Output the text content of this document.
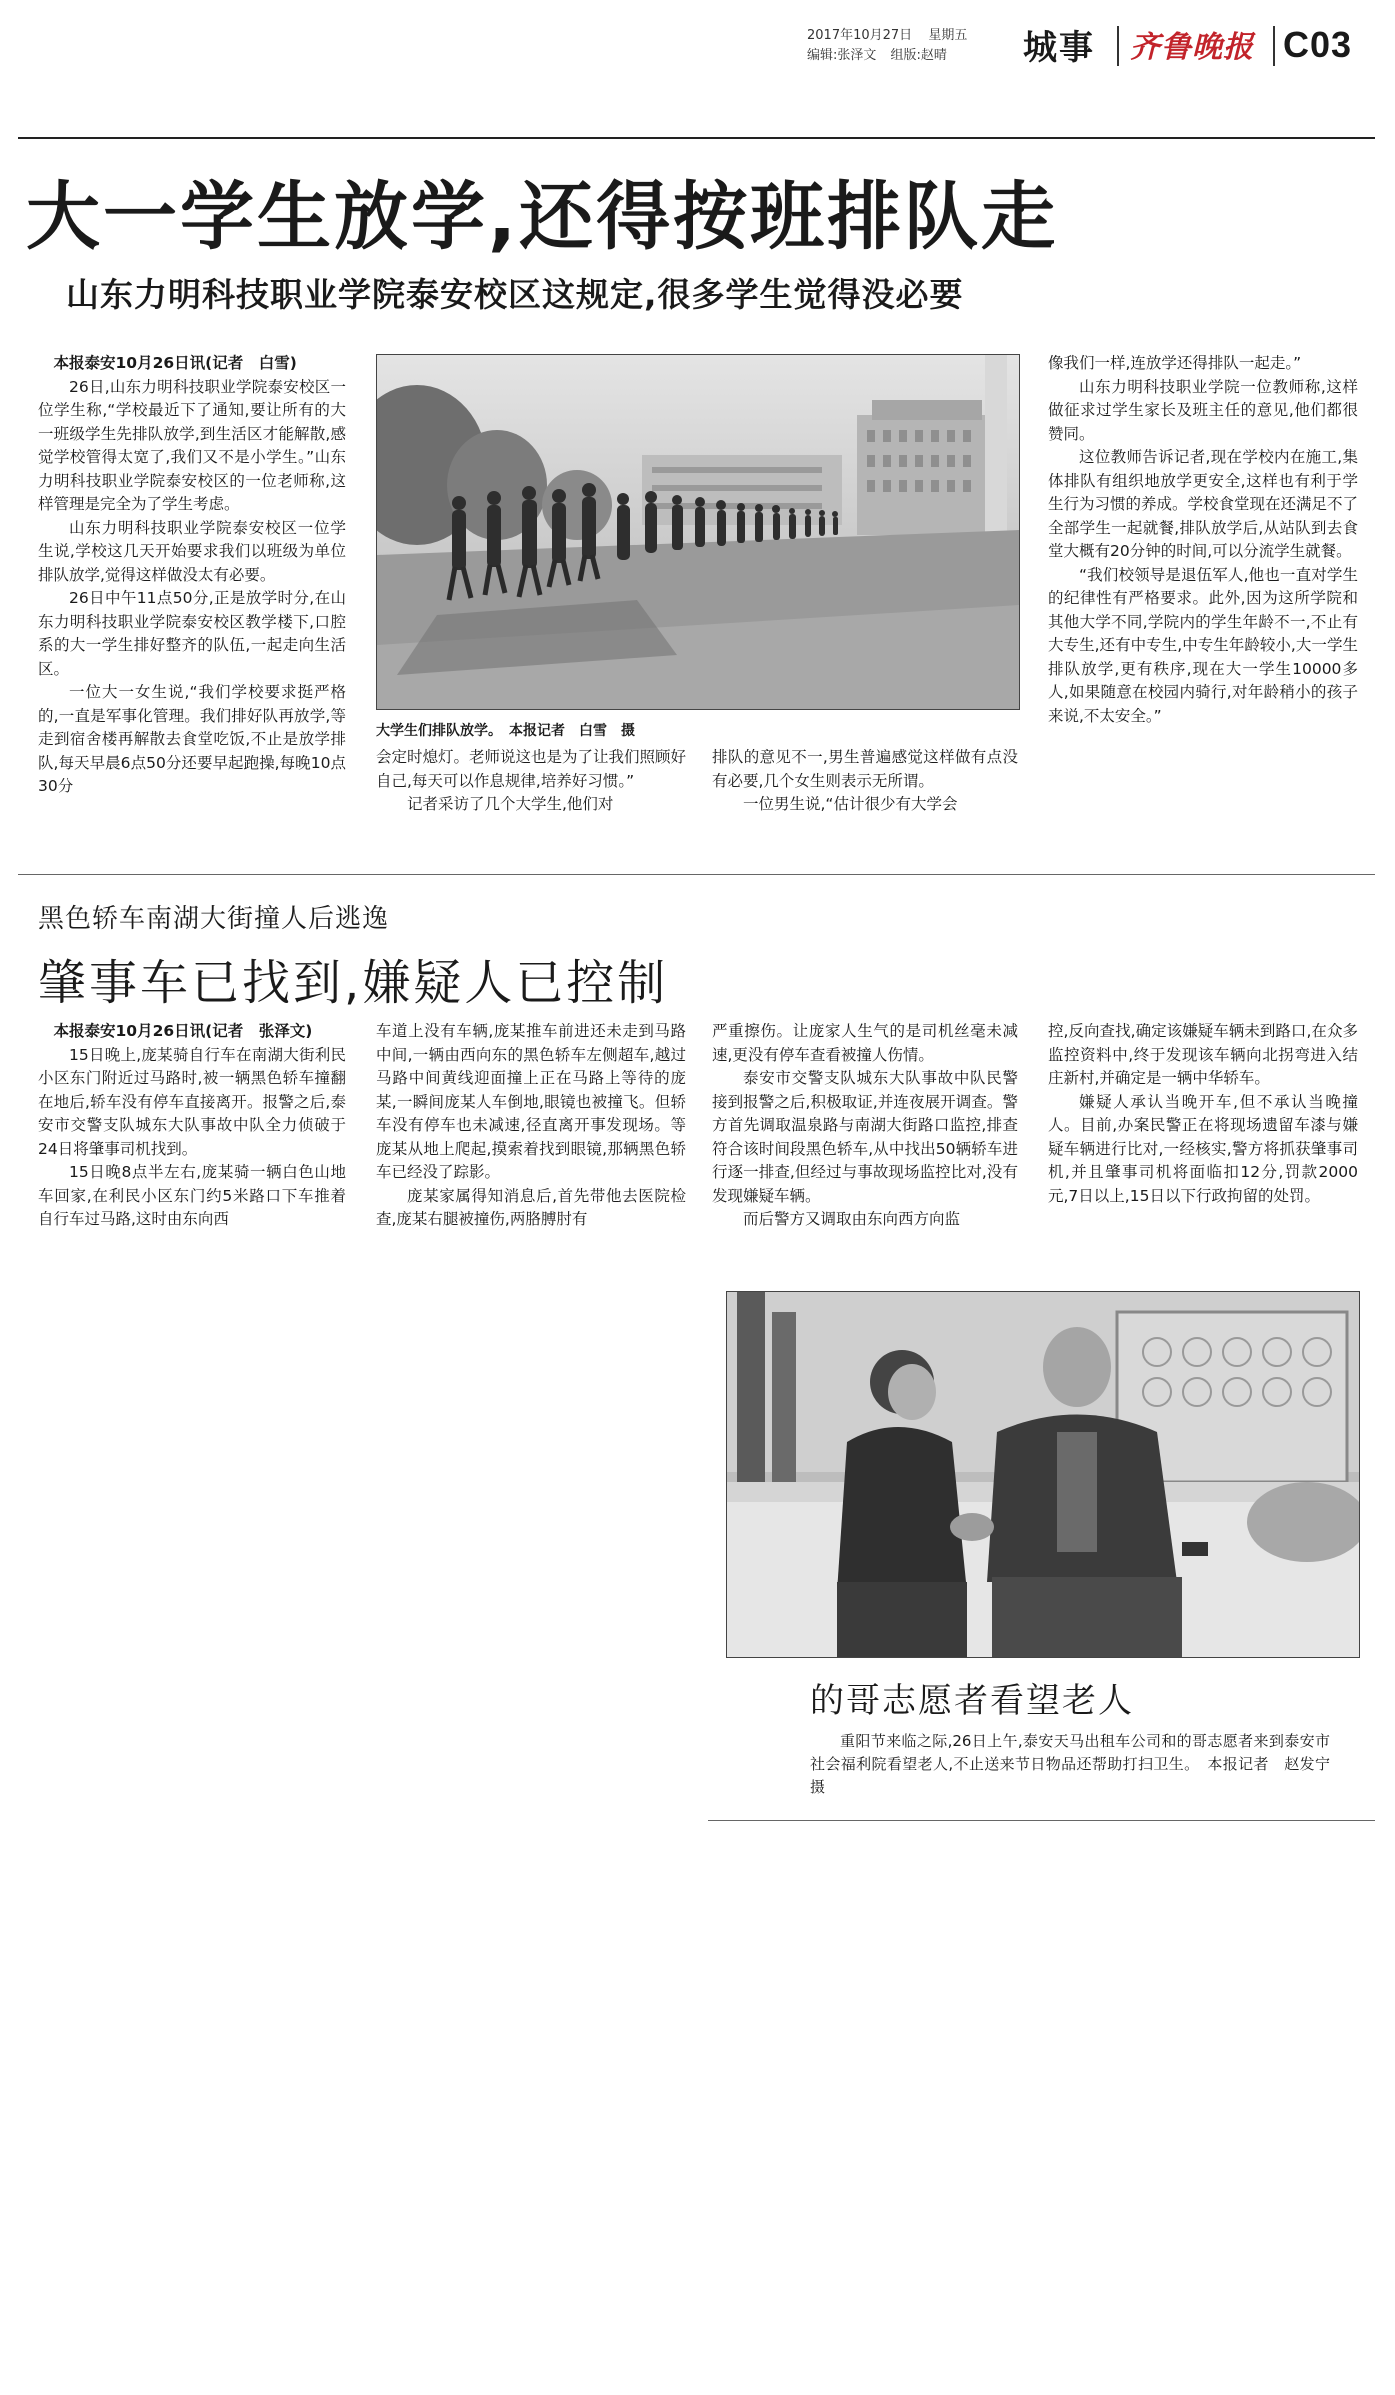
2017年10月27日 星期五
编辑:张泽文 组版:赵晴 城事 齐鲁晚报 C03
大一学生放学,还得按班排队走
山东力明科技职业学院泰安校区这规定,很多学生觉得没必要

本报泰安10月26日讯(记者　白雪)

26日,山东力明科技职业学院泰安校区一位学生称,“学校最近下了通知,要让所有的大一班级学生先排队放学,到生活区才能解散,感觉学校管得太宽了,我们又不是小学生。”山东力明科技职业学院泰安校区的一位老师称,这样管理是完全为了学生考虑。

山东力明科技职业学院泰安校区一位学生说,学校这几天开始要求我们以班级为单位排队放学,觉得这样做没太有必要。

26日中午11点50分,正是放学时分,在山东力明科技职业学院泰安校区教学楼下,口腔系的大一学生排好整齐的队伍,一起走向生活区。

一位大一女生说,“我们学校要求挺严格的,一直是军事化管理。我们排好队再放学,等走到宿舍楼再解散去食堂吃饭,不止是放学排队,每天早晨6点50分还要早起跑操,每晚10点30分

大学生们排队放学。　本报记者　白雪　摄

会定时熄灯。老师说这也是为了让我们照顾好自己,每天可以作息规律,培养好习惯。”

记者采访了几个大学生,他们对

排队的意见不一,男生普遍感觉这样做有点没有必要,几个女生则表示无所谓。

一位男生说,“估计很少有大学会

像我们一样,连放学还得排队一起走。”

山东力明科技职业学院一位教师称,这样做征求过学生家长及班主任的意见,他们都很赞同。

这位教师告诉记者,现在学校内在施工,集体排队有组织地放学更安全,这样也有利于学生行为习惯的养成。学校食堂现在还满足不了全部学生一起就餐,排队放学后,从站队到去食堂大概有20分钟的时间,可以分流学生就餐。

“我们校领导是退伍军人,他也一直对学生的纪律性有严格要求。此外,因为这所学院和其他大学不同,学院内的学生年龄不一,不止有大专生,还有中专生,中专生年龄较小,大一学生排队放学,更有秩序,现在大一学生10000多人,如果随意在校园内骑行,对年龄稍小的孩子来说,不太安全。”

黑色轿车南湖大街撞人后逃逸
肇事车已找到,嫌疑人已控制

本报泰安10月26日讯(记者　张泽文)

15日晚上,庞某骑自行车在南湖大街利民小区东门附近过马路时,被一辆黑色轿车撞翻在地后,轿车没有停车直接离开。报警之后,泰安市交警支队城东大队事故中队全力侦破于24日将肇事司机找到。

15日晚8点半左右,庞某骑一辆白色山地车回家,在利民小区东门约5米路口下车推着自行车过马路,这时由东向西

车道上没有车辆,庞某推车前进还未走到马路中间,一辆由西向东的黑色轿车左侧超车,越过马路中间黄线迎面撞上正在马路上等待的庞某,一瞬间庞某人车倒地,眼镜也被撞飞。但轿车没有停车也未减速,径直离开事发现场。等庞某从地上爬起,摸索着找到眼镜,那辆黑色轿车已经没了踪影。

庞某家属得知消息后,首先带他去医院检查,庞某右腿被撞伤,两胳膊肘有

严重擦伤。让庞家人生气的是司机丝毫未减速,更没有停车查看被撞人伤情。

泰安市交警支队城东大队事故中队民警接到报警之后,积极取证,并连夜展开调查。警方首先调取温泉路与南湖大街路口监控,排查符合该时间段黑色轿车,从中找出50辆轿车进行逐一排查,但经过与事故现场监控比对,没有发现嫌疑车辆。

而后警方又调取由东向西方向监

控,反向查找,确定该嫌疑车辆未到路口,在众多监控资料中,终于发现该车辆向北拐弯进入结庄新村,并确定是一辆中华轿车。

嫌疑人承认当晚开车,但不承认当晚撞人。目前,办案民警正在将现场遗留车漆与嫌疑车辆进行比对,一经核实,警方将抓获肇事司机,并且肇事司机将面临扣12分,罚款2000元,7日以上,15日以下行政拘留的处罚。

的哥志愿者看望老人
重阳节来临之际,26日上午,泰安天马出租车公司和的哥志愿者来到泰安市社会福利院看望老人,不止送来节日物品还帮助打扫卫生。　本报记者　赵发宁　摄
